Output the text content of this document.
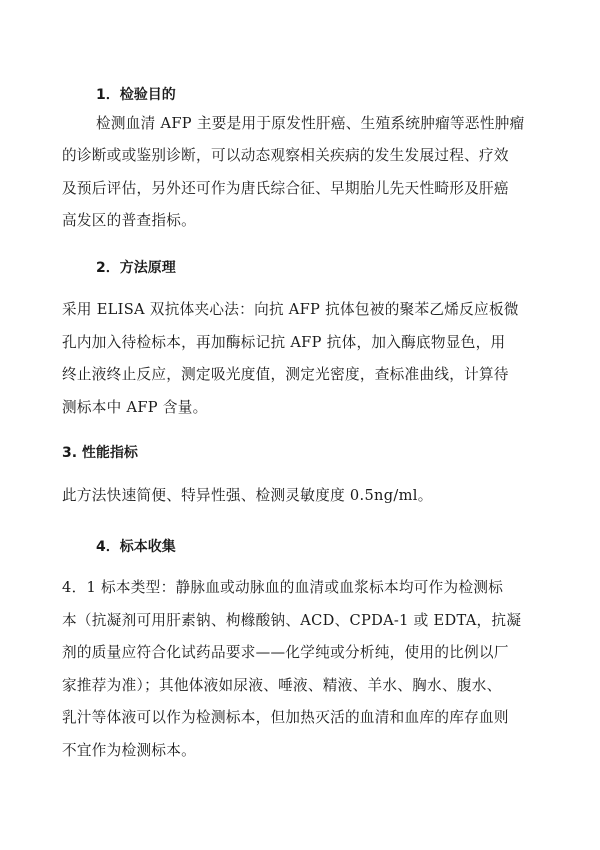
1．检验目的
检测血清 AFP 主要是用于原发性肝癌、生殖系统肿瘤等恶性肿瘤
的诊断或或鉴别诊断，可以动态观察相关疾病的发生发展过程、疗效
及预后评估，另外还可作为唐氏综合征、早期胎儿先天性畸形及肝癌
高发区的普查指标。
2．方法原理
采用 ELISA 双抗体夹心法：向抗 AFP 抗体包被的聚苯乙烯反应板微
孔内加入待检标本，再加酶标记抗 AFP 抗体，加入酶底物显色，用
终止液终止反应，测定吸光度值，测定光密度，查标准曲线，计算待
测标本中 AFP 含量。
3. 性能指标
此方法快速简便、特异性强、检测灵敏度度 0.5ng/ml。
4．标本收集
4．1 标本类型：静脉血或动脉血的血清或血浆标本均可作为检测标
本（抗凝剂可用肝素钠、枸橼酸钠、ACD、CPDA-1 或 EDTA，抗凝
剂的质量应符合化试药品要求——化学纯或分析纯，使用的比例以厂
家推荐为准）；其他体液如尿液、唾液、精液、羊水、胸水、腹水、
乳汁等体液可以作为检测标本，但加热灭活的血清和血库的库存血则
不宜作为检测标本。
